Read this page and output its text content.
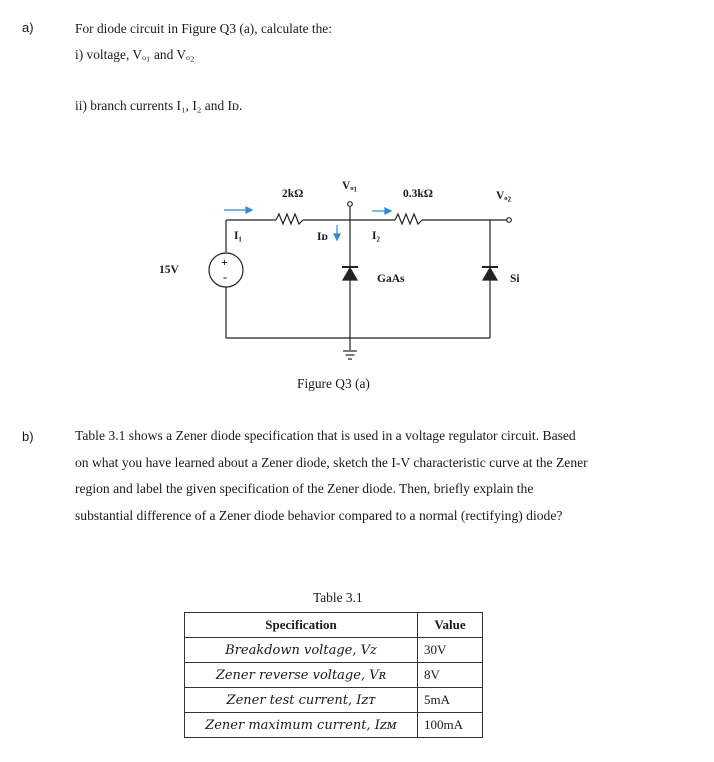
a)	For diode circuit in Figure Q3 (a), calculate the:
i) voltage, Vₒ₁ and Vₒ₂
ii) branch currents I₁, I₂ and Iᴅ.
2kΩ	0.3kΩ
Vₒ₁
Vₒ₂
I₁	I₂
Iᴅ
15V
+
-	GaAs	Si
Figure Q3 (a)
b)	Table 3.1 shows a Zener diode specification that is used in a voltage regulator circuit. Based
on what you have learned about a Zener diode, sketch the I-V characteristic curve at the Zener
region and label the given specification of the Zener diode. Then, briefly explain the
substantial difference of a Zener diode behavior compared to a normal (rectifying) diode?
Table 3.1
Specification	Value
Breakdown voltage, Vz	30V
Zener reverse voltage, Vʀ	8V
Zener test current, Iᴢᴛ	5mA
Zener maximum current, Iᴢᴍ	100mA
